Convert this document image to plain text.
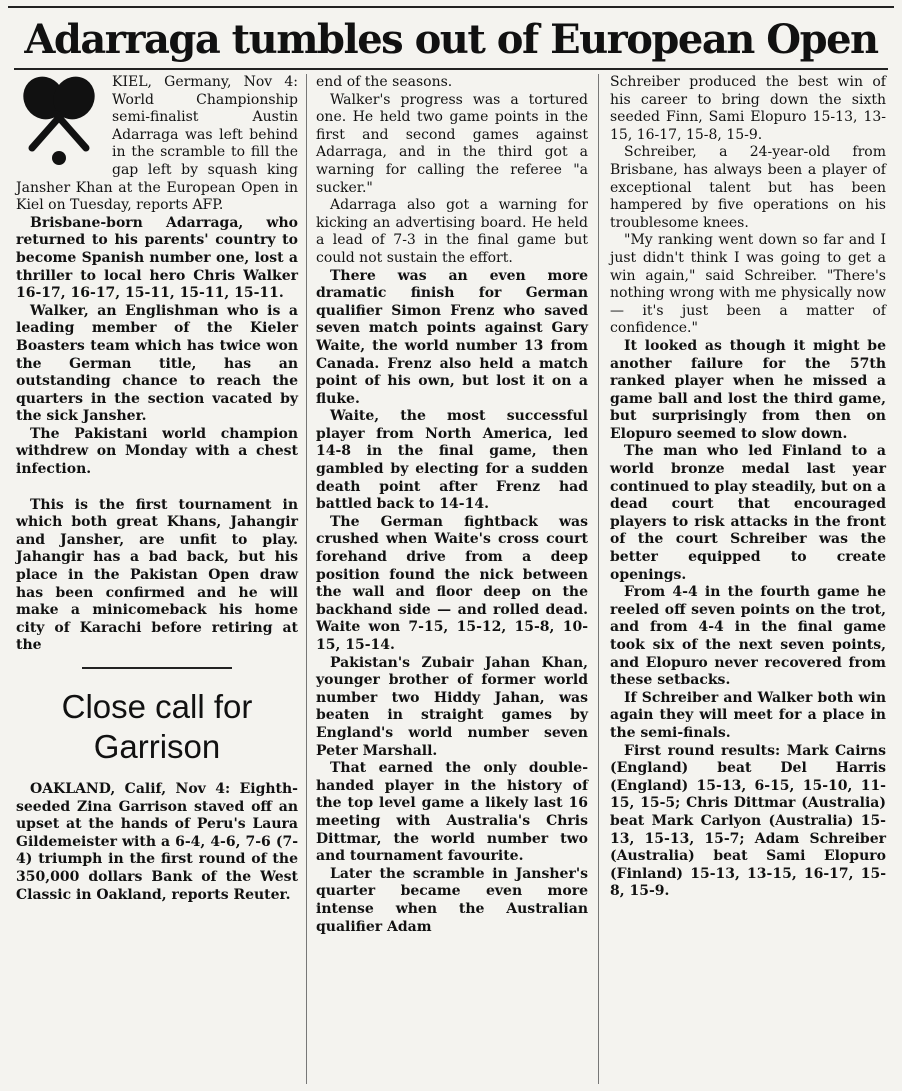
Adarraga tumbles out of European Open

KIEL, Germany, Nov 4: World Championship semi-finalist Austin Adarraga was left behind in the scramble to fill the gap left by squash king Jansher Khan at the European Open in Kiel on Tuesday, reports AFP.

Brisbane-born Adarraga, who returned to his parents' country to become Spanish number one, lost a thriller to local hero Chris Walker 16-17, 16-17, 15-11, 15-11, 15-11.

Walker, an Englishman who is a leading member of the Kieler Boasters team which has twice won the German title, has an outstanding chance to reach the quarters in the section vacated by the sick Jansher.

The Pakistani world champion withdrew on Monday with a chest infection.

This is the first tournament in which both great Khans, Jahangir and Jansher, are unfit to play. Jahangir has a bad back, but his place in the Pakistan Open draw has been confirmed and he will make a minicomeback his home city of Karachi before retiring at the

Close call for Garrison

OAKLAND, Calif, Nov 4: Eighth-seeded Zina Garrison staved off an upset at the hands of Peru's Laura Gildemeister with a 6-4, 4-6, 7-6 (7-4) triumph in the first round of the 350,000 dollars Bank of the West Classic in Oakland, reports Reuter.

end of the seasons.

Walker's progress was a tortured one. He held two game points in the first and second games against Adarraga, and in the third got a warning for calling the referee "a sucker."

Adarraga also got a warning for kicking an advertising board. He held a lead of 7-3 in the final game but could not sustain the effort.

There was an even more dramatic finish for German qualifier Simon Frenz who saved seven match points against Gary Waite, the world number 13 from Canada. Frenz also held a match point of his own, but lost it on a fluke.

Waite, the most successful player from North America, led 14-8 in the final game, then gambled by electing for a sudden death point after Frenz had battled back to 14-14.

The German fightback was crushed when Waite's cross court forehand drive from a deep position found the nick between the wall and floor deep on the backhand side — and rolled dead. Waite won 7-15, 15-12, 15-8, 10-15, 15-14.

Pakistan's Zubair Jahan Khan, younger brother of former world number two Hiddy Jahan, was beaten in straight games by England's world number seven Peter Marshall.

That earned the only double-handed player in the history of the top level game a likely last 16 meeting with Australia's Chris Dittmar, the world number two and tournament favourite.

Later the scramble in Jansher's quarter became even more intense when the Australian qualifier Adam

Schreiber produced the best win of his career to bring down the sixth seeded Finn, Sami Elopuro 15-13, 13-15, 16-17, 15-8, 15-9.

Schreiber, a 24-year-old from Brisbane, has always been a player of exceptional talent but has been hampered by five operations on his troublesome knees.

"My ranking went down so far and I just didn't think I was going to get a win again," said Schreiber. "There's nothing wrong with me physically now — it's just been a matter of confidence."

It looked as though it might be another failure for the 57th ranked player when he missed a game ball and lost the third game, but surprisingly from then on Elopuro seemed to slow down.

The man who led Finland to a world bronze medal last year continued to play steadily, but on a dead court that encouraged players to risk attacks in the front of the court Schreiber was the better equipped to create openings.

From 4-4 in the fourth game he reeled off seven points on the trot, and from 4-4 in the final game took six of the next seven points, and Elopuro never recovered from these setbacks.

If Schreiber and Walker both win again they will meet for a place in the semi-finals.

First round results: Mark Cairns (England) beat Del Harris (England) 15-13, 6-15, 15-10, 11-15, 15-5; Chris Dittmar (Australia) beat Mark Carlyon (Australia) 15-13, 15-13, 15-7; Adam Schreiber (Australia) beat Sami Elopuro (Finland) 15-13, 13-15, 16-17, 15-8, 15-9.
